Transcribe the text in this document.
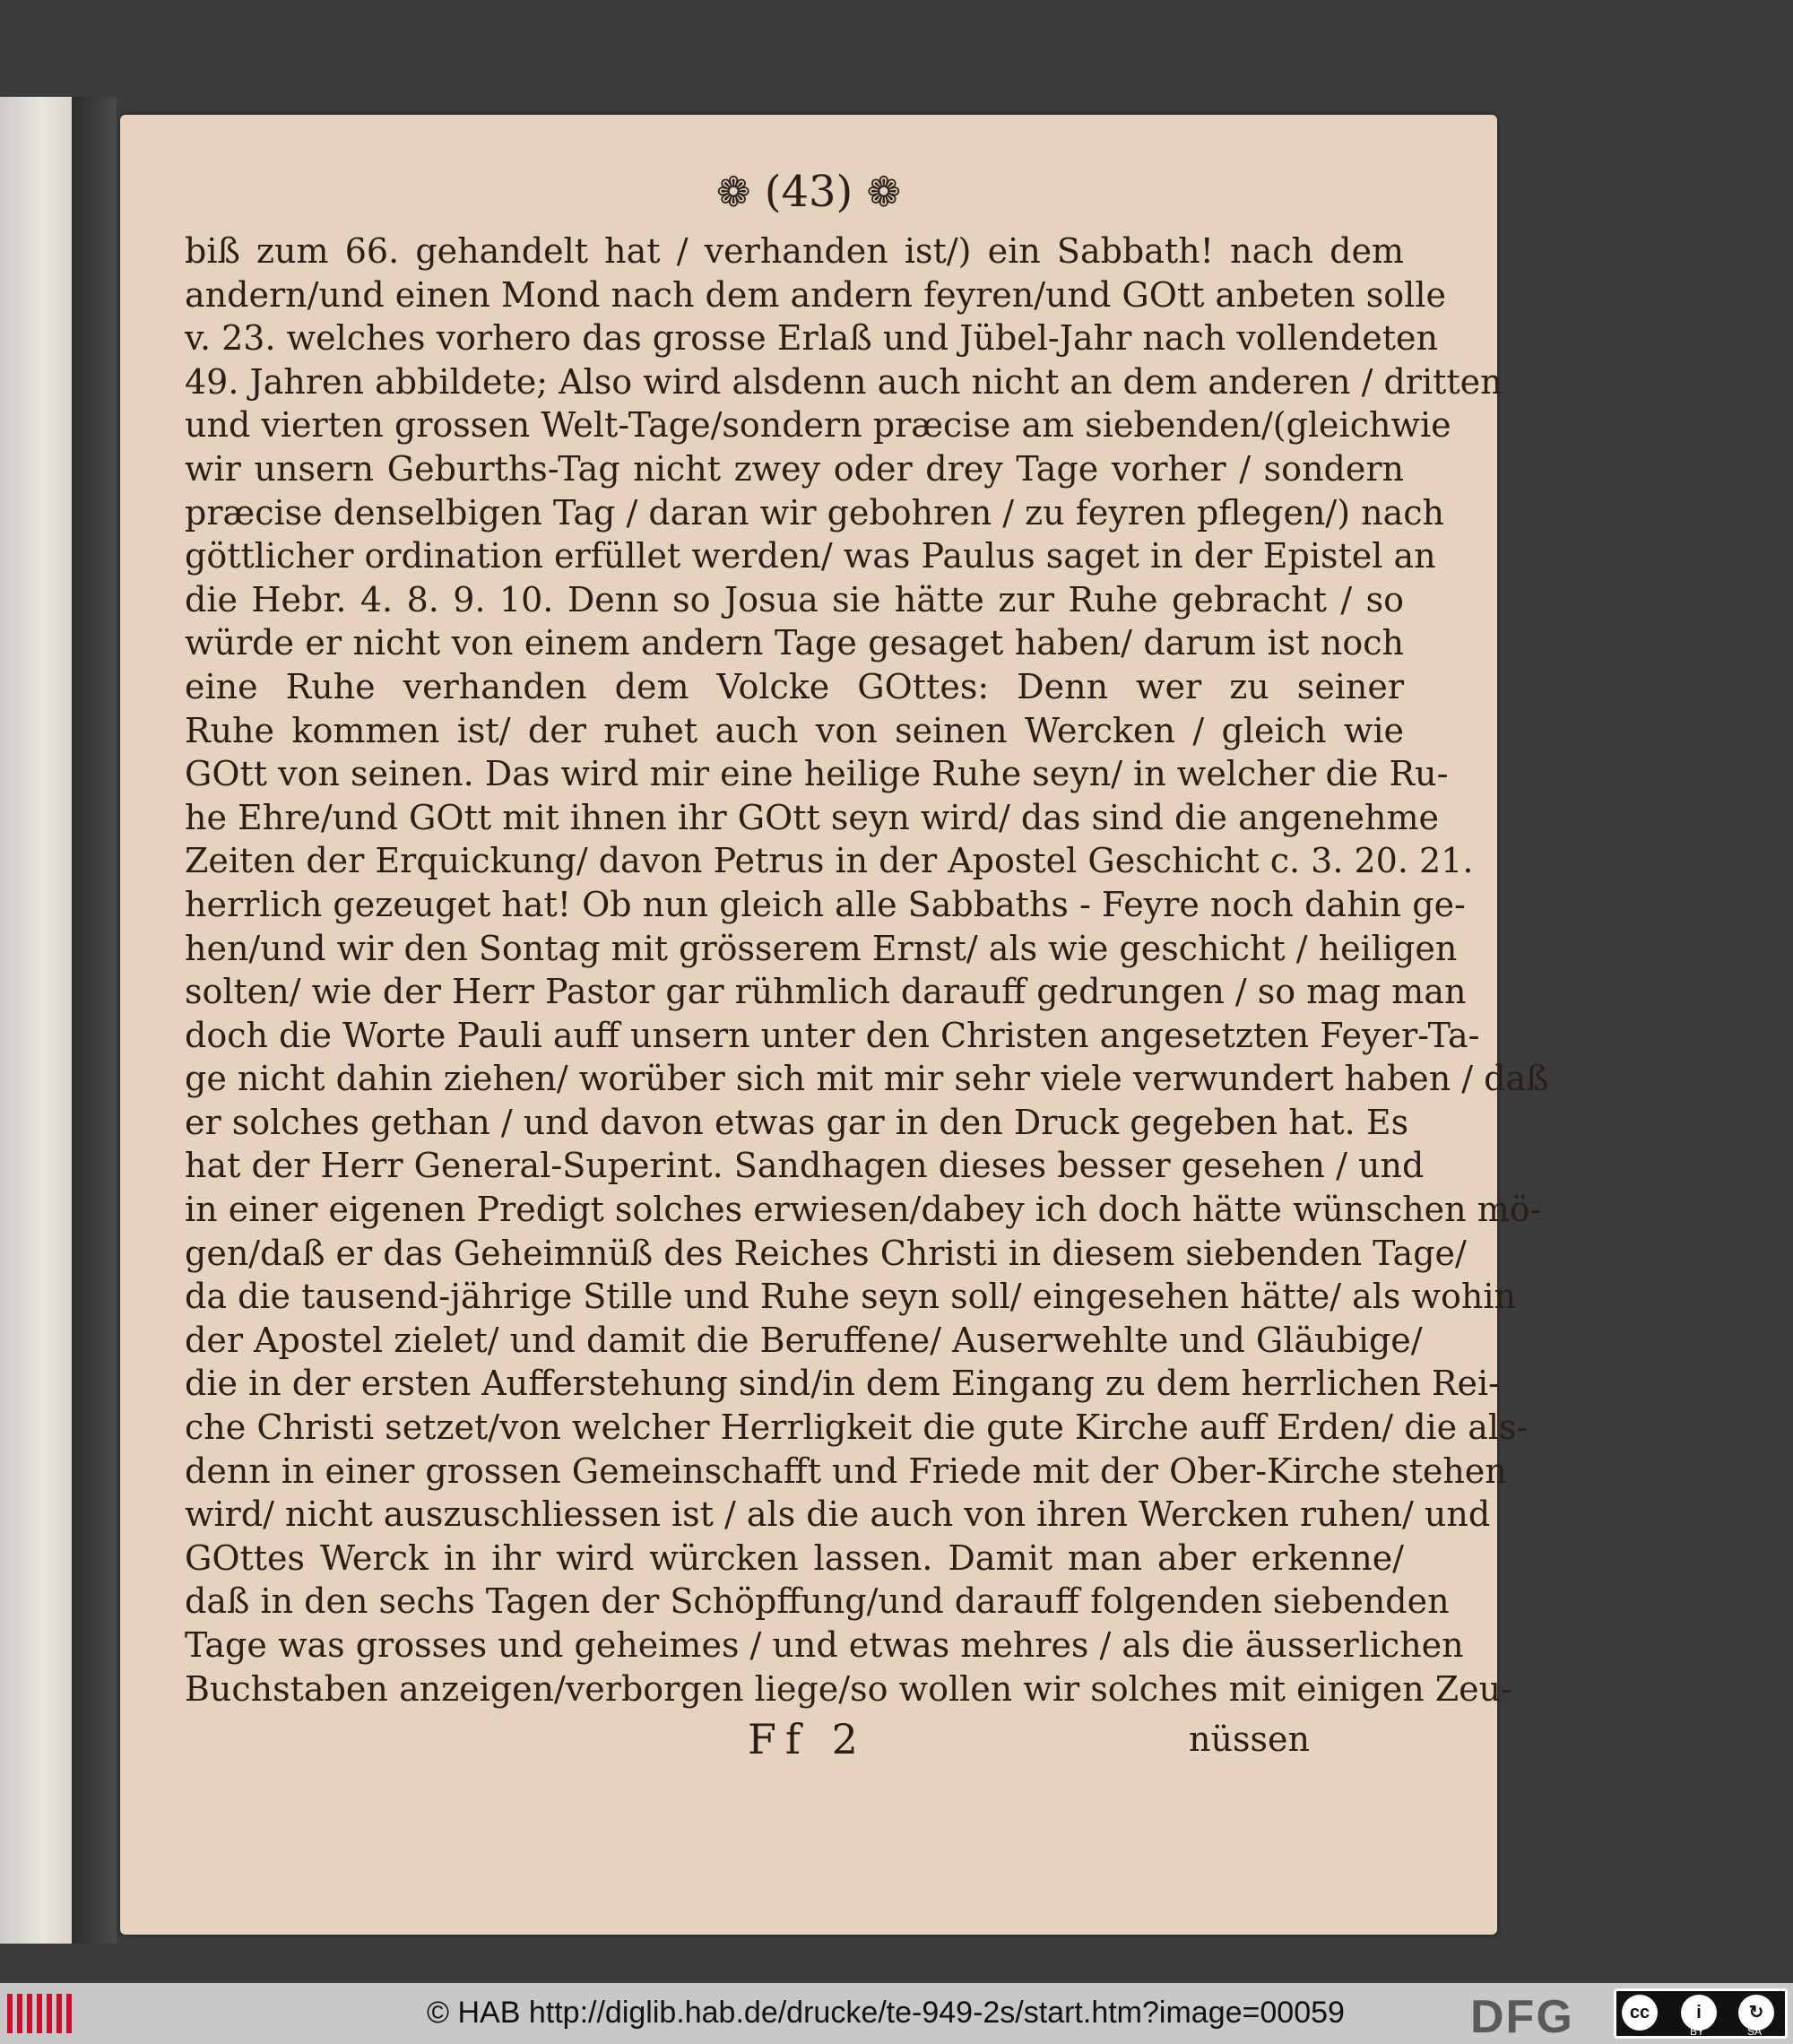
❁ (43) ❁
biß zum 66. gehandelt hat / verhanden ist/) ein Sabbath! nach dem
andern/und einen Mond nach dem andern feyren/und GOtt anbeten solle
v. 23. welches vorhero das grosse Erlaß und Jübel-Jahr nach vollendeten
49. Jahren abbildete; Also wird alsdenn auch nicht an dem anderen / dritten
und vierten grossen Welt-Tage/sondern præcise am siebenden/(gleichwie
wir unsern Geburths-Tag nicht zwey oder drey Tage vorher / sondern
præcise denselbigen Tag / daran wir gebohren / zu feyren pflegen/) nach
göttlicher ordination erfüllet werden/ was Paulus saget in der Epistel an
die Hebr. 4. 8. 9. 10. Denn so Josua sie hätte zur Ruhe gebracht / so
würde er nicht von einem andern Tage gesaget haben/ darum ist noch
eine Ruhe verhanden dem Volcke GOttes: Denn wer zu seiner
Ruhe kommen ist/ der ruhet auch von seinen Wercken / gleich wie
GOtt von seinen. Das wird mir eine heilige Ruhe seyn/ in welcher die Ru-
he Ehre/und GOtt mit ihnen ihr GOtt seyn wird/ das sind die angenehme
Zeiten der Erquickung/ davon Petrus in der Apostel Geschicht c. 3. 20. 21.
herrlich gezeuget hat! Ob nun gleich alle Sabbaths - Feyre noch dahin ge-
hen/und wir den Sontag mit grösserem Ernst/ als wie geschicht / heiligen
solten/ wie der Herr Pastor gar rühmlich darauff gedrungen / so mag man
doch die Worte Pauli auff unsern unter den Christen angesetzten Feyer-Ta-
ge nicht dahin ziehen/ worüber sich mit mir sehr viele verwundert haben / daß
er solches gethan / und davon etwas gar in den Druck gegeben hat. Es
hat der Herr General-Superint. Sandhagen dieses besser gesehen / und
in einer eigenen Predigt solches erwiesen/dabey ich doch hätte wünschen mö-
gen/daß er das Geheimnüß des Reiches Christi in diesem siebenden Tage/
da die tausend-jährige Stille und Ruhe seyn soll/ eingesehen hätte/ als wohin
der Apostel zielet/ und damit die Beruffene/ Auserwehlte und Gläubige/
die in der ersten Aufferstehung sind/in dem Eingang zu dem herrlichen Rei-
che Christi setzet/von welcher Herrligkeit die gute Kirche auff Erden/ die als-
denn in einer grossen Gemeinschafft und Friede mit der Ober-Kirche stehen
wird/ nicht auszuschliessen ist / als die auch von ihren Wercken ruhen/ und
GOttes Werck in ihr wird würcken lassen. Damit man aber erkenne/
daß in den sechs Tagen der Schöpffung/und darauff folgenden siebenden
Tage was grosses und geheimes / und etwas mehres / als die äusserlichen
Buchstaben anzeigen/verborgen liege/so wollen wir solches mit einigen Zeu-
Ff 2	nüssen
© HAB http://diglib.hab.de/drucke/te-949-2s/start.htm?image=00059	DFG	cc	i	↻
BY	SA
